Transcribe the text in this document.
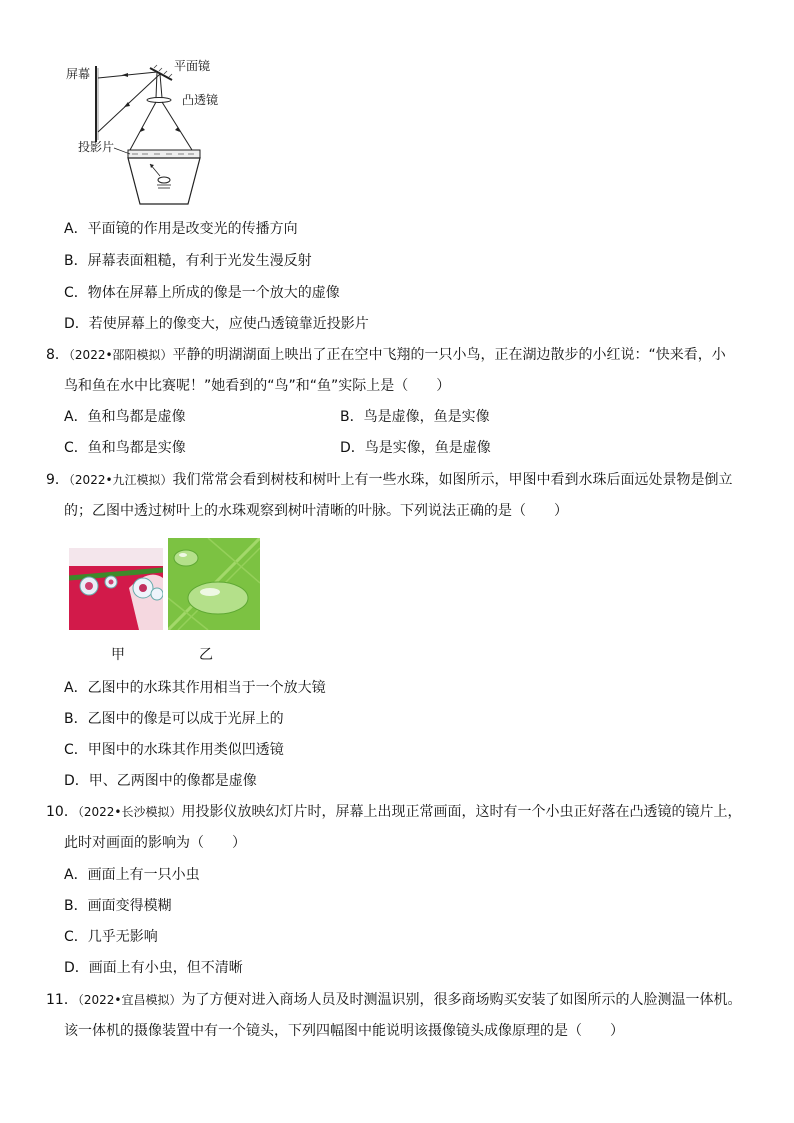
屏幕
平面镜
凸透镜
投影片
A．平面镜的作用是改变光的传播方向
B．屏幕表面粗糙，有利于光发生漫反射
C．物体在屏幕上所成的像是一个放大的虚像
D．若使屏幕上的像变大，应使凸透镜靠近投影片
8．（2022•邵阳模拟）平静的明湖湖面上映出了正在空中飞翔的一只小鸟，正在湖边散步的小红说：“快来看，小
鸟和鱼在水中比赛呢！”她看到的“鸟”和“鱼”实际上是（　　）
A．鱼和鸟都是虚像	B．鸟是虚像，鱼是实像
C．鱼和鸟都是实像	D．鸟是实像，鱼是虚像
9．（2022•九江模拟）我们常常会看到树枝和树叶上有一些水珠，如图所示，甲图中看到水珠后面远处景物是倒立
的；乙图中透过树叶上的水珠观察到树叶清晰的叶脉。下列说法正确的是（　　）
甲	乙
A．乙图中的水珠其作用相当于一个放大镜
B．乙图中的像是可以成于光屏上的
C．甲图中的水珠其作用类似凹透镜
D．甲、乙两图中的像都是虚像
10．（2022•长沙模拟）用投影仪放映幻灯片时，屏幕上出现正常画面，这时有一个小虫正好落在凸透镜的镜片上，
此时对画面的影响为（　　）
A．画面上有一只小虫
B．画面变得模糊
C．几乎无影响
D．画面上有小虫，但不清晰
11．（2022•宜昌模拟）为了方便对进入商场人员及时测温识别，很多商场购买安装了如图所示的人脸测温一体机。
该一体机的摄像装置中有一个镜头，下列四幅图中能说明该摄像镜头成像原理的是（　　）
